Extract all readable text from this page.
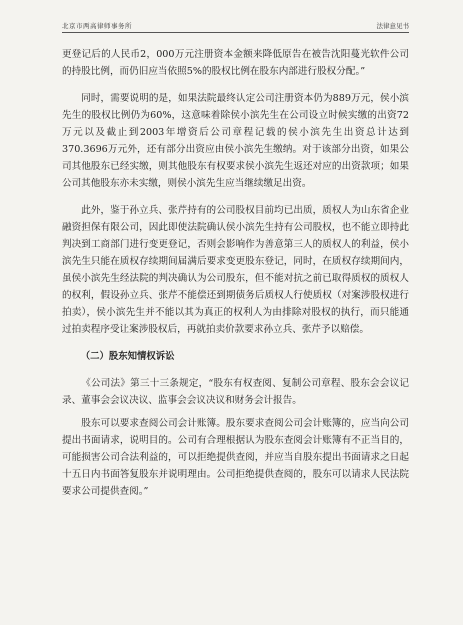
北京市两高律师事务所	法律意见书

更登记后的人民币2，000万元注册资本金额来降低原告在被告沈阳蔓光软件公司的持股比例，而仍旧应当依照5%的股权比例在股东内部进行股权分配。”

同时，需要说明的是，如果法院最终认定公司注册资本仍为889万元，侯小滨先生的股权比例仍为60%，这意味着除侯小滨先生在公司设立时候实缴的出资72万元以及截止到2003年增资后公司章程记载的侯小滨先生出资总计达到370.3696万元外，还有部分出资应由侯小滨先生缴纳。对于该部分出资，如果公司其他股东已经实缴，则其他股东有权要求侯小滨先生返还对应的出资款项；如果公司其他股东亦未实缴，则侯小滨先生应当继续缴足出资。

此外，鉴于孙立兵、张芹持有的公司股权目前均已出质，质权人为山东省企业融资担保有限公司，因此即使法院确认侯小滨先生持有公司股权，也不能立即持此判决到工商部门进行变更登记，否则会影响作为善意第三人的质权人的利益，侯小滨先生只能在质权存续期间届满后要求变更股东登记，同时，在质权存续期间内，虽侯小滨先生经法院的判决确认为公司股东，但不能对抗之前已取得质权的质权人的权利，假设孙立兵、张芹不能偿还到期债务后质权人行使质权（对案涉股权进行拍卖），侯小滨先生并不能以其为真正的权利人为由排除对股权的执行，而只能通过拍卖程序受让案涉股权后，再就拍卖价款要求孙立兵、张芹予以赔偿。

（二）股东知情权诉讼

《公司法》第三十三条规定，“股东有权查阅、复制公司章程、股东会会议记录、董事会会议决议、监事会会议决议和财务会计报告。

股东可以要求查阅公司会计账簿。股东要求查阅公司会计账簿的，应当向公司提出书面请求，说明目的。公司有合理根据认为股东查阅会计账簿有不正当目的，可能损害公司合法利益的，可以拒绝提供查阅，并应当自股东提出书面请求之日起十五日内书面答复股东并说明理由。公司拒绝提供查阅的，股东可以请求人民法院要求公司提供查阅。”
